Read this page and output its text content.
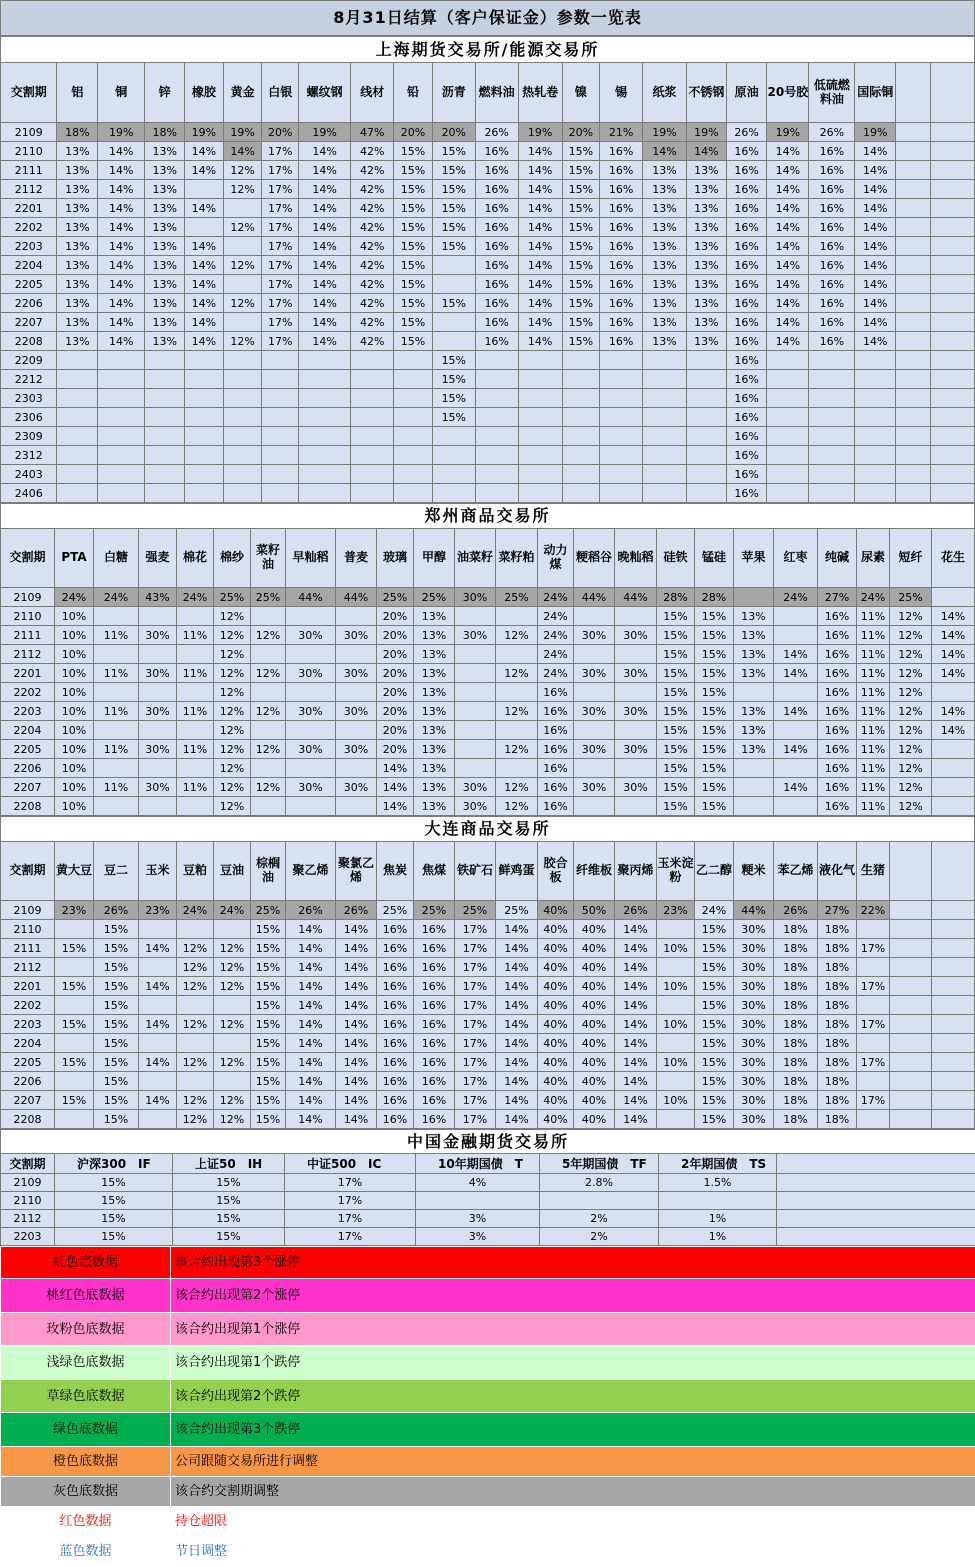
8月31日结算（客户保证金）参数一览表
上海期货交易所/能源交易所																						
交割期	铝	铜	锌	橡胶	黄金	白银	螺纹钢	线材	铅	沥青	燃料油	热轧卷	镍	锡	纸浆	不锈钢	原油	20号胶	低硫燃料油	国际铜		
2109	18%	19%	18%	19%	19%	20%	19%	47%	20%	20%	26%	19%	20%	21%	19%	19%	26%	19%	26%	19%		
2110	13%	14%	13%	14%	14%	17%	14%	42%	15%	15%	16%	14%	15%	16%	14%	14%	16%	14%	16%	14%		
2111	13%	14%	13%	14%	12%	17%	14%	42%	15%	15%	16%	14%	15%	16%	13%	13%	16%	14%	16%	14%		
2112	13%	14%	13%		12%	17%	14%	42%	15%	15%	16%	14%	15%	16%	13%	13%	16%	14%	16%	14%		
2201	13%	14%	13%	14%		17%	14%	42%	15%	15%	16%	14%	15%	16%	13%	13%	16%	14%	16%	14%		
2202	13%	14%	13%		12%	17%	14%	42%	15%	15%	16%	14%	15%	16%	13%	13%	16%	14%	16%	14%		
2203	13%	14%	13%	14%		17%	14%	42%	15%	15%	16%	14%	15%	16%	13%	13%	16%	14%	16%	14%		
2204	13%	14%	13%	14%	12%	17%	14%	42%	15%		16%	14%	15%	16%	13%	13%	16%	14%	16%	14%		
2205	13%	14%	13%	14%		17%	14%	42%	15%		16%	14%	15%	16%	13%	13%	16%	14%	16%	14%		
2206	13%	14%	13%	14%	12%	17%	14%	42%	15%	15%	16%	14%	15%	16%	13%	13%	16%	14%	16%	14%		
2207	13%	14%	13%	14%		17%	14%	42%	15%		16%	14%	15%	16%	13%	13%	16%	14%	16%	14%		
2208	13%	14%	13%	14%	12%	17%	14%	42%	15%		16%	14%	15%	16%	13%	13%	16%	14%	16%	14%		
2209										15%							16%					
2212										15%							16%					
2303										15%							16%					
2306										15%							16%					
2309																	16%					
2312																	16%					
2403																	16%					
2406																	16%					
郑州商品交易所																							
交割期	PTA	白糖	强麦	棉花	棉纱	菜籽油	早籼稻	普麦	玻璃	甲醇	油菜籽	菜籽粕	动力煤	粳稻谷	晚籼稻	硅铁	锰硅	苹果	红枣	纯碱	尿素	短纤	花生
2109	24%	24%	43%	24%	25%	25%	44%	44%	25%	25%	30%	25%	24%	44%	44%	28%	28%		24%	27%	24%	25%	
2110	10%				12%				20%	13%			24%			15%	15%	13%		16%	11%	12%	14%
2111	10%	11%	30%	11%	12%	12%	30%	30%	20%	13%	30%	12%	24%	30%	30%	15%	15%	13%		16%	11%	12%	14%
2112	10%				12%				20%	13%			24%			15%	15%	13%	14%	16%	11%	12%	14%
2201	10%	11%	30%	11%	12%	12%	30%	30%	20%	13%		12%	24%	30%	30%	15%	15%	13%	14%	16%	11%	12%	14%
2202	10%				12%				20%	13%			16%			15%	15%			16%	11%	12%	
2203	10%	11%	30%	11%	12%	12%	30%	30%	20%	13%		12%	16%	30%	30%	15%	15%	13%	14%	16%	11%	12%	14%
2204	10%				12%				20%	13%			16%			15%	15%	13%		16%	11%	12%	14%
2205	10%	11%	30%	11%	12%	12%	30%	30%	20%	13%		12%	16%	30%	30%	15%	15%	13%	14%	16%	11%	12%	
2206	10%				12%				14%	13%			16%			15%	15%			16%	11%	12%	
2207	10%	11%	30%	11%	12%	12%	30%	30%	14%	13%	30%	12%	16%	30%	30%	15%	15%		14%	16%	11%	12%	
2208	10%				12%				14%	13%	30%	12%	16%			15%	15%			16%	11%	12%	
大连商品交易所																							
交割期	黄大豆	豆二	玉米	豆粕	豆油	棕榈油	聚乙烯	聚氯乙烯	焦炭	焦煤	铁矿石	鲜鸡蛋	胶合板	纤维板	聚丙烯	玉米淀粉	乙二醇	粳米	苯乙烯	液化气	生猪		
2109	23%	26%	23%	24%	24%	25%	26%	26%	25%	25%	25%	25%	40%	50%	26%	23%	24%	44%	26%	27%	22%		
2110		15%				15%	14%	14%	16%	16%	17%	14%	40%	40%	14%		15%	30%	18%	18%			
2111	15%	15%	14%	12%	12%	15%	14%	14%	16%	16%	17%	14%	40%	40%	14%	10%	15%	30%	18%	18%	17%		
2112		15%		12%	12%	15%	14%	14%	16%	16%	17%	14%	40%	40%	14%		15%	30%	18%	18%			
2201	15%	15%	14%	12%	12%	15%	14%	14%	16%	16%	17%	14%	40%	40%	14%	10%	15%	30%	18%	18%	17%		
2202		15%				15%	14%	14%	16%	16%	17%	14%	40%	40%	14%		15%	30%	18%	18%			
2203	15%	15%	14%	12%	12%	15%	14%	14%	16%	16%	17%	14%	40%	40%	14%	10%	15%	30%	18%	18%	17%		
2204		15%				15%	14%	14%	16%	16%	17%	14%	40%	40%	14%		15%	30%	18%	18%			
2205	15%	15%	14%	12%	12%	15%	14%	14%	16%	16%	17%	14%	40%	40%	14%	10%	15%	30%	18%	18%	17%		
2206		15%				15%	14%	14%	16%	16%	17%	14%	40%	40%	14%		15%	30%	18%	18%			
2207	15%	15%	14%	12%	12%	15%	14%	14%	16%	16%	17%	14%	40%	40%	14%	10%	15%	30%	18%	18%	17%		
2208		15%		12%	12%	15%	14%	14%	16%	16%	17%	14%	40%	40%	14%		15%	30%	18%	18%			
中国金融期货交易所							
交割期	沪深300　IF	上证50　IH	中证500　IC	10年期国债　T	5年期国债　TF	2年期国债　TS	
2109	15%	15%	17%	4%	2.8%	1.5%	
2110	15%	15%	17%				
2112	15%	15%	17%	3%	2%	1%	
2203	15%	15%	17%	3%	2%	1%	
红色底数据	该合约出现第3个涨停
桃红色底数据	该合约出现第2个涨停
玫粉色底数据	该合约出现第1个涨停
浅绿色底数据	该合约出现第1个跌停
草绿色底数据	该合约出现第2个跌停
绿色底数据	该合约出现第3个跌停
橙色底数据	公司跟随交易所进行调整
灰色底数据	该合约交割期调整
红色数据	持仓超限
蓝色数据	节日调整
